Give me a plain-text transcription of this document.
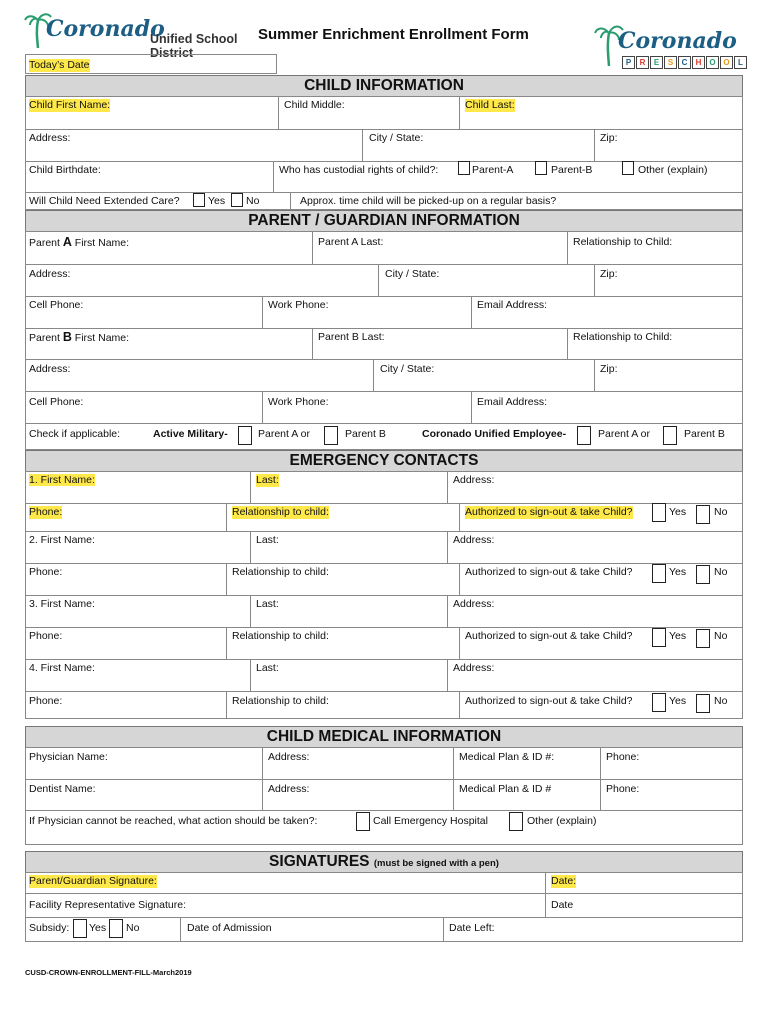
Coronado
Unified School District
Summer Enrichment Enrollment Form	Coronado
P	R	E	S	C	H O O	L
Today’s Date
CHILD INFORMATION
Child First Name:	Child Middle:	Child Last:
Address:	City / State:	Zip:
Child Birthdate:	Who has custodial rights of child?:	Parent-A	Parent-B	Other (explain)
Will Child Need Extended Care?	Yes No	Approx. time child will be picked-up on a regular basis?
PARENT / GUARDIAN INFORMATION
Parent A First Name:	Parent A Last:	Relationship to Child:
Address:	City / State:	Zip:
Cell Phone:	Work Phone:	Email Address:
Parent B First Name:	Parent B Last:	Relationship to Child:
Address:	City / State:	Zip:
Cell Phone:	Work Phone:	Email Address:
Check if applicable:	Active Military-	Parent A or	Parent B	Coronado Unified Employee-	Parent A or	Parent B
EMERGENCY CONTACTS
1. First Name:	Last:	Address:
Phone:	Relationship to child:	Authorized to sign-out & take Child?	Yes	No
2. First Name:	Last:	Address:
Phone:	Relationship to child:	Authorized to sign-out & take Child?	Yes	No
3. First Name:	Last:	Address:
Phone:	Relationship to child:	Authorized to sign-out & take Child?	Yes	No
4. First Name:	Last:	Address:
Phone:	Relationship to child:	Authorized to sign-out & take Child?	Yes	No
CHILD MEDICAL INFORMATION
Physician Name:	Address:	Medical Plan & ID #:	Phone:
Dentist Name:	Address:	Medical Plan & ID #	Phone:
If Physician cannot be reached, what action should be taken?:	Call Emergency Hospital	Other (explain)
SIGNATURES (must be signed with a pen)
Parent/Guardian Signature:	Date:
Facility Representative Signature:	Date
Subsidy: Yes No	Date of Admission	Date Left:
CUSD-CROWN-ENROLLMENT-FILL-March2019
